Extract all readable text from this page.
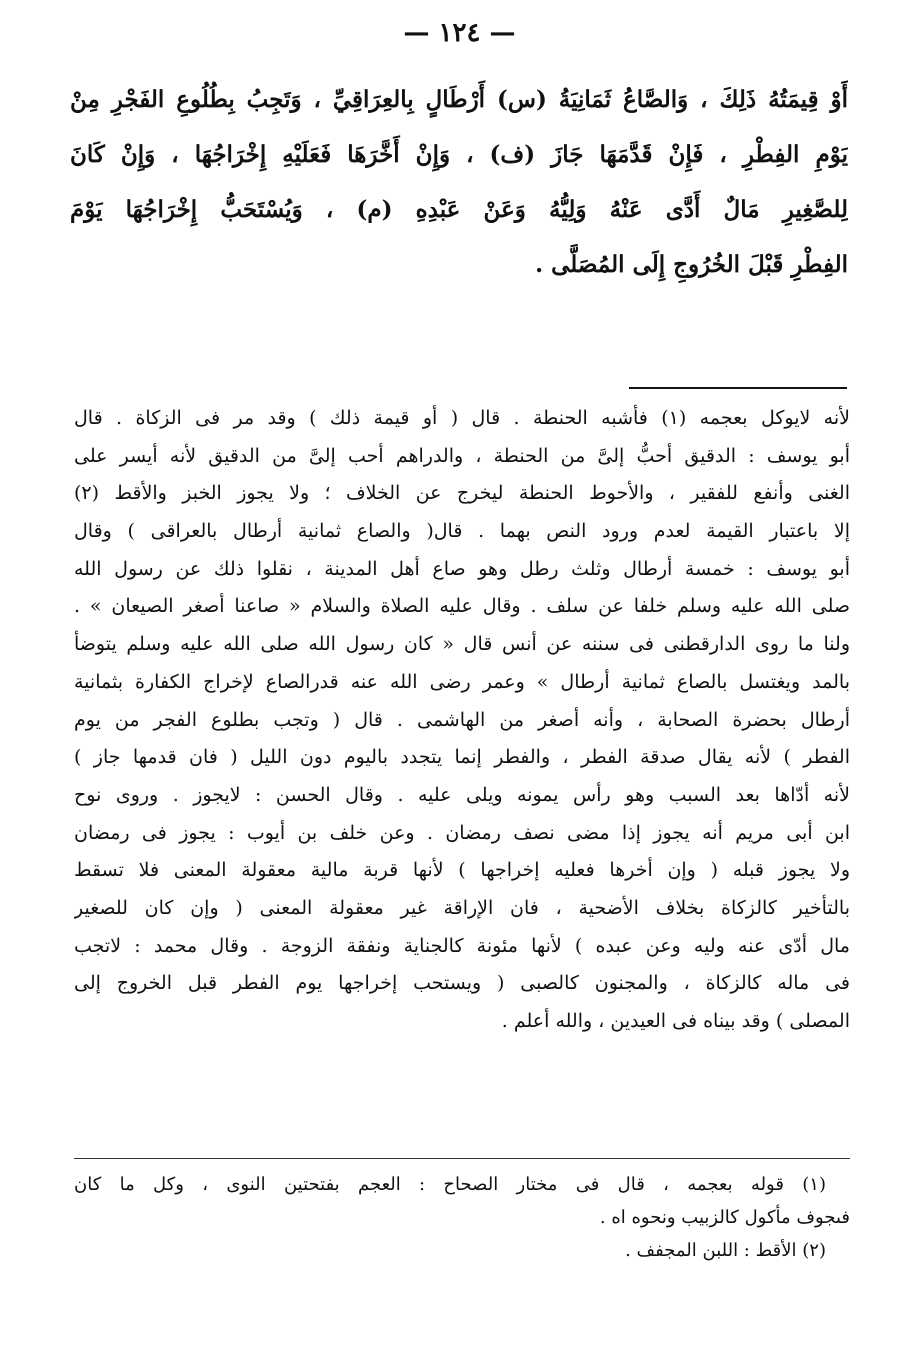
— ١٢٤ —
أَوْ قِيمَتُهُ ذَلِكَ ، وَالصَّاعُ ثَمَانِيَةُ (س) أَرْطَالٍ بِالعِرَاقِيِّ ، وَتَجِبُ بِطُلُوعِ الفَجْرِ مِنْ
يَوْمِ الفِطْرِ ، فَإِنْ قَدَّمَهَا جَازَ (ف) ، وَإِنْ أَخَّرَهَا فَعَلَيْهِ إِخْرَاجُهَا ، وَإِنْ كَانَ
لِلصَّغِيرِ مَالٌ أَدَّى عَنْهُ وَلِيُّهُ وَعَنْ عَبْدِهِ (م) ، وَيُسْتَحَبُّ إِخْرَاجُهَا يَوْمَ
الفِطْرِ قَبْلَ الخُرُوجِ إِلَى المُصَلَّى .
لأنه لايوكل بعجمه (١) فأشبه الحنطة . قال ( أو قيمة ذلك ) وقد مر فى الزكاة . قال
أبو يوسف : الدقيق أحبُّ إلىَّ من الحنطة ، والدراهم أحب إلىَّ من الدقيق لأنه أيسر على
الغنى وأنفع للفقير ، والأحوط الحنطة ليخرج عن الخلاف ؛ ولا يجوز الخبز والأقط (٢)
إلا باعتبار القيمة لعدم ورود النص بهما . قال( والصاع ثمانية أرطال بالعراقى ) وقال
أبو يوسف : خمسة أرطال وثلث رطل وهو صاع أهل المدينة ، نقلوا ذلك عن رسول الله
صلى الله عليه وسلم خلفا عن سلف . وقال عليه الصلاة والسلام « صاعنا أصغر الصيعان » .
ولنا ما روى الدارقطنى فى سننه عن أنس قال « كان رسول الله صلى الله عليه وسلم يتوضأ
بالمد ويغتسل بالصاع ثمانية أرطال » وعمر رضى الله عنه قدرالصاع لإخراج الكفارة بثمانية
أرطال بحضرة الصحابة ، وأنه أصغر من الهاشمى . قال ( وتجب بطلوع الفجر من يوم
الفطر ) لأنه يقال صدقة الفطر ، والفطر إنما يتجدد باليوم دون الليل ( فان قدمها جاز )
لأنه أدّاها بعد السبب وهو رأس يمونه ويلى عليه . وقال الحسن : لايجوز . وروى نوح
ابن أبى مريم أنه يجوز إذا مضى نصف رمضان . وعن خلف بن أيوب : يجوز فى رمضان
ولا يجوز قبله ( وإن أخرها فعليه إخراجها ) لأنها قربة مالية معقولة المعنى فلا تسقط
بالتأخير كالزكاة بخلاف الأضحية ، فان الإراقة غير معقولة المعنى ( وإن كان للصغير
مال أدّى عنه وليه وعن عبده ) لأنها مئونة كالجناية ونفقة الزوجة . وقال محمد : لاتجب
فى ماله كالزكاة ، والمجنون كالصبى ( ويستحب إخراجها يوم الفطر قبل الخروج إلى
المصلى ) وقد بيناه فى العيدين ، والله أعلم .
(١) قوله بعجمه ، قال فى مختار الصحاح : العجم بفتحتين النوى ، وكل ما كان
فىجوف مأكول كالزبيب ونحوه اه .
(٢) الأقط : اللبن المجفف .
